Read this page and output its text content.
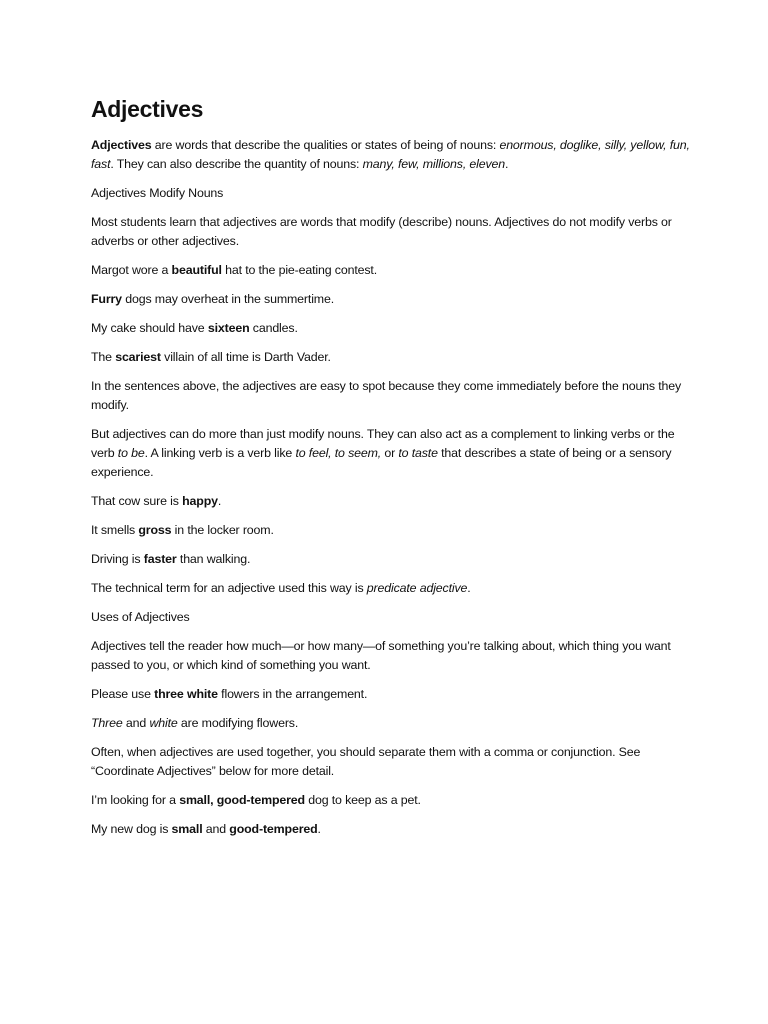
Adjectives

Adjectives are words that describe the qualities or states of being of nouns: enormous, doglike, silly, yellow, fun, fast. They can also describe the quantity of nouns: many, few, millions, eleven.

Adjectives Modify Nouns

Most students learn that adjectives are words that modify (describe) nouns. Adjectives do not modify verbs or adverbs or other adjectives.

Margot wore a beautiful hat to the pie-eating contest.

Furry dogs may overheat in the summertime.

My cake should have sixteen candles.

The scariest villain of all time is Darth Vader.

In the sentences above, the adjectives are easy to spot because they come immediately before the nouns they modify.

But adjectives can do more than just modify nouns. They can also act as a complement to linking verbs or the verb to be. A linking verb is a verb like to feel, to seem, or to taste that describes a state of being or a sensory experience.

That cow sure is happy.

It smells gross in the locker room.

Driving is faster than walking.

The technical term for an adjective used this way is predicate adjective.

Uses of Adjectives

Adjectives tell the reader how much—or how many—of something you’re talking about, which thing you want passed to you, or which kind of something you want.

Please use three white flowers in the arrangement.

Three and white are modifying flowers.

Often, when adjectives are used together, you should separate them with a comma or conjunction. See “Coordinate Adjectives” below for more detail.

I’m looking for a small, good-tempered dog to keep as a pet.

My new dog is small and good-tempered.
